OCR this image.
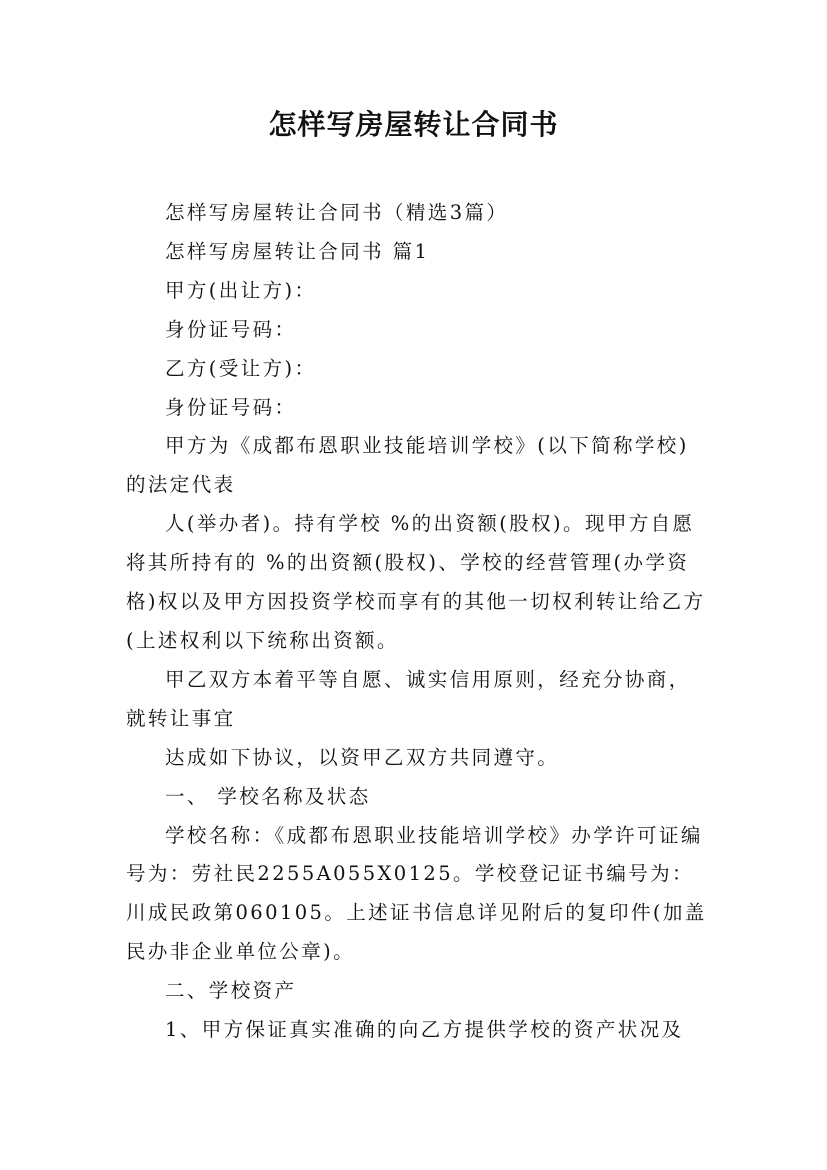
怎样写房屋转让合同书

怎样写房屋转让合同书（精选3篇）

怎样写房屋转让合同书 篇1

甲方(出让方)：

身份证号码：

乙方(受让方)：

身份证号码：

甲方为《成都布恩职业技能培训学校》(以下简称学校)的法定代表

人(举办者)。持有学校 %的出资额(股权)。现甲方自愿将其所持有的 %的出资额(股权)、学校的经营管理(办学资格)权以及甲方因投资学校而享有的其他一切权利转让给乙方(上述权利以下统称出资额。

甲乙双方本着平等自愿、诚实信用原则，经充分协商，就转让事宜

达成如下协议，以资甲乙双方共同遵守。

一、 学校名称及状态

学校名称：《成都布恩职业技能培训学校》办学许可证编号为：劳社民2255A055X0125。学校登记证书编号为：川成民政第060105。上述证书信息详见附后的复印件(加盖民办非企业单位公章)。

二、学校资产

1、甲方保证真实准确的向乙方提供学校的资产状况及
